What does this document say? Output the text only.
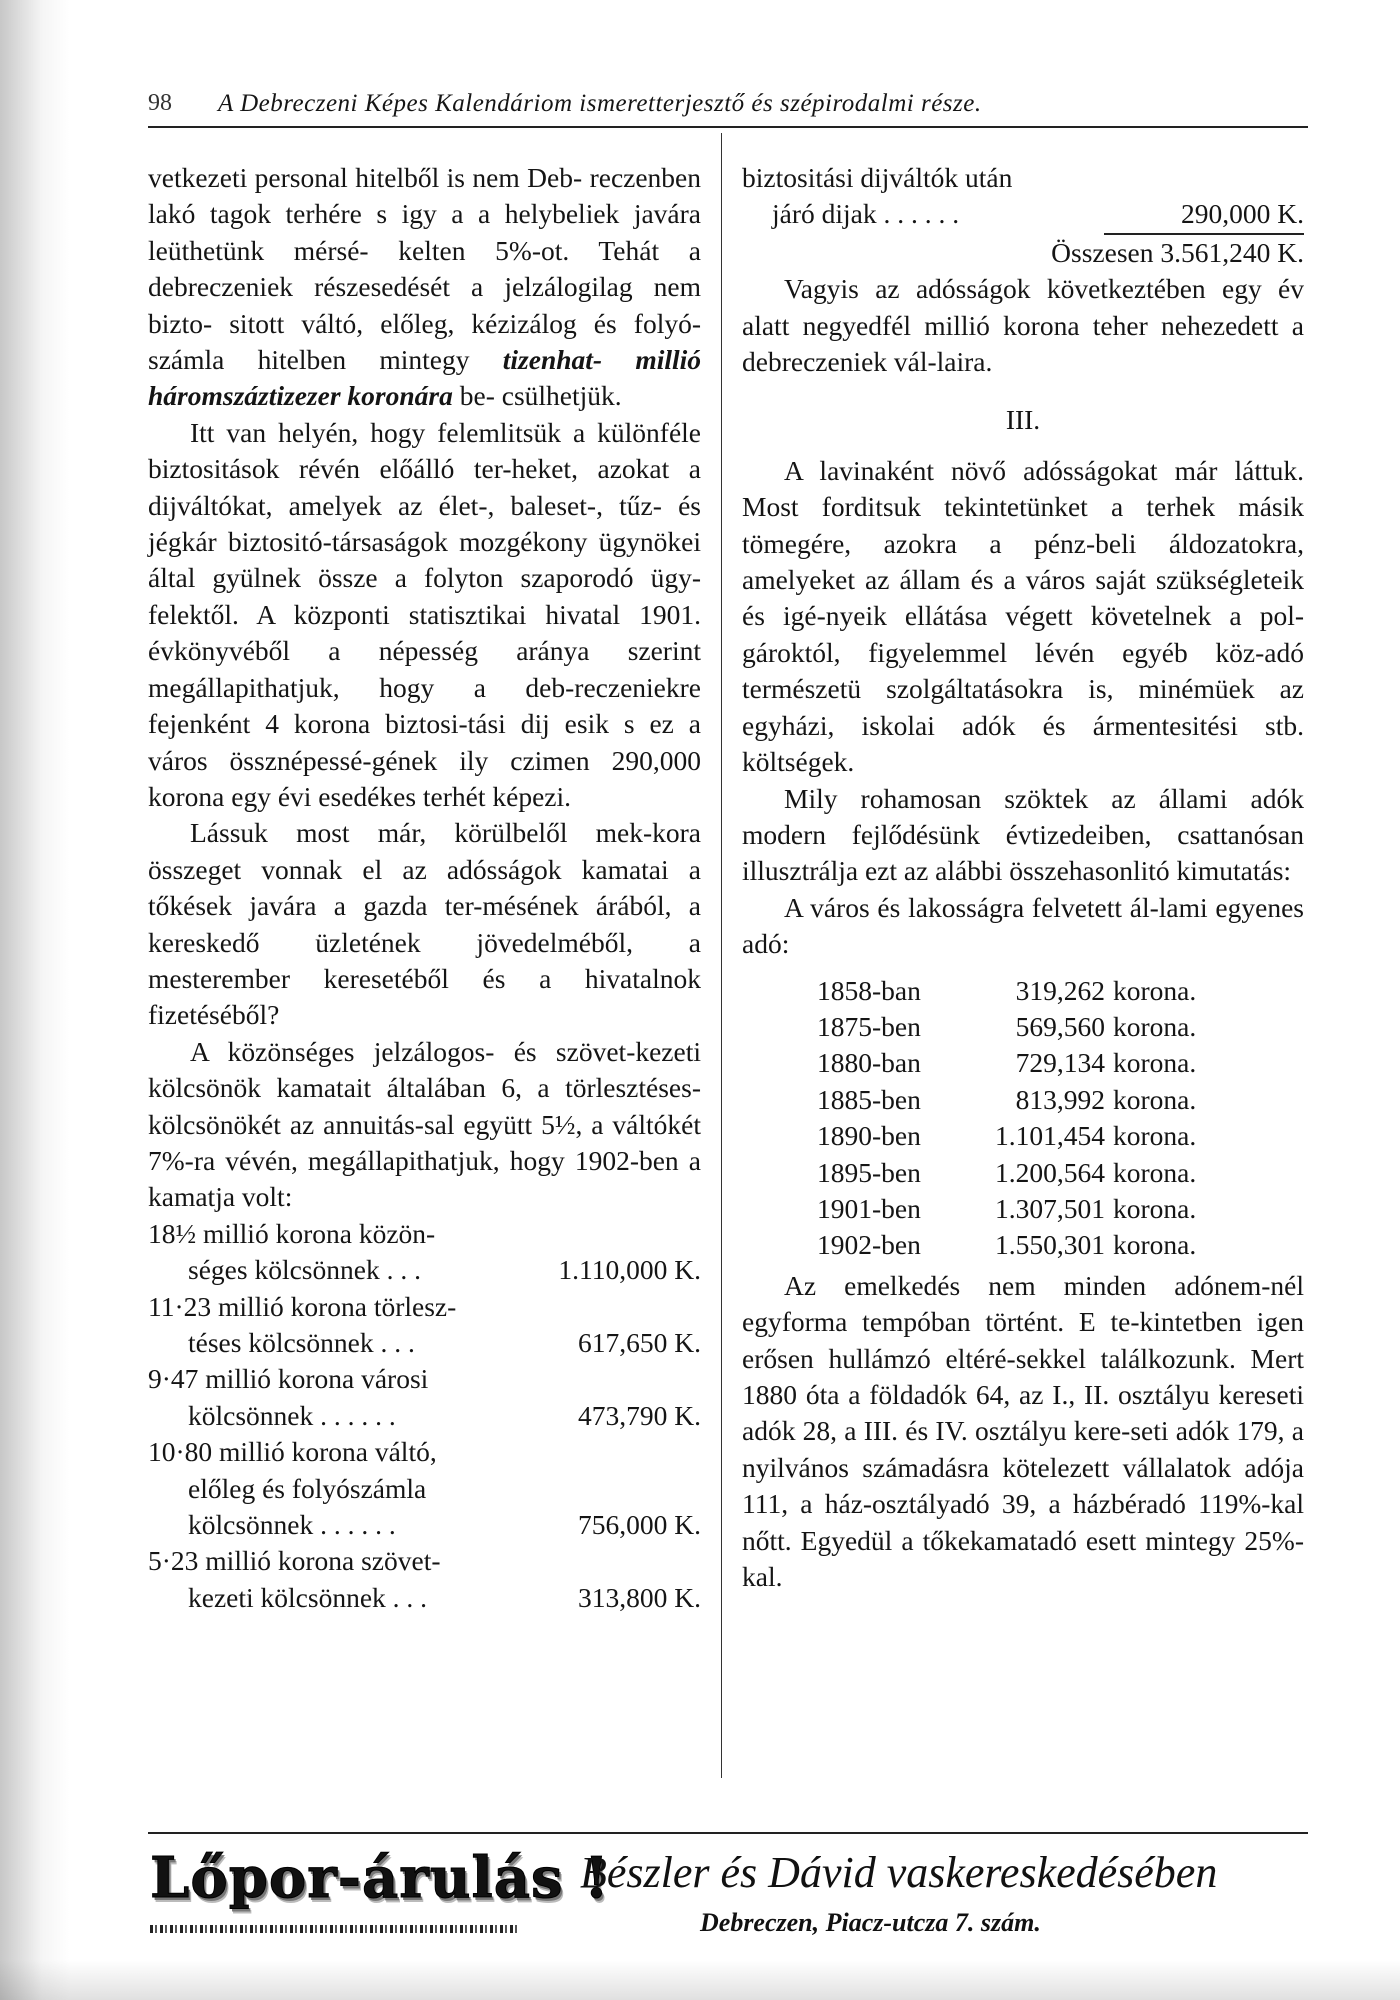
98 A Debreczeni Képes Kalendáriom ismeretterjesztő és szépirodalmi része.

vetkezeti personal hitelből is nem Deb- reczenben lakó tagok terhére s igy a a helybeliek javára leüthetünk mérsé- kelten 5%-ot. Tehát a debreczeniek részesedését a jelzálogilag nem bizto- sitott váltó, előleg, kézizálog és folyó- számla hitelben mintegy tizenhat- millió háromszáztizezer koronára be- csülhetjük.

Itt van helyén, hogy felemlitsük a különféle biztositások révén előálló ter-heket, azokat a dijváltókat, amelyek az élet-, baleset-, tűz- és jégkár biztositó-társaságok mozgékony ügynökei által gyülnek össze a folyton szaporodó ügy-felektől. A központi statisztikai hivatal 1901. évkönyvéből a népesség aránya szerint megállapithatjuk, hogy a deb-reczeniekre fejenként 4 korona biztosi-tási dij esik s ez a város össznépessé-gének ily czimen 290,000 korona egy évi esedékes terhét képezi.

Lássuk most már, körülbelől mek-kora összeget vonnak el az adósságok kamatai a tőkések javára a gazda ter-mésének árából, a kereskedő üzletének jövedelméből, a mesterember keresetéből és a hivatalnok fizetéséből?

A közönséges jelzálogos- és szövet-kezeti kölcsönök kamatait általában 6, a törlesztéses-kölcsönökét az annuitás-sal együtt 5½, a váltókét 7%-ra vévén, megállapithatjuk, hogy 1902-ben a kamatja volt:

18½ millió korona közön-
séges kölcsönnek . . .	1.110,000 K.
11·23 millió korona törlesz-
téses kölcsönnek . . .	617,650 K.
9·47 millió korona városi
kölcsönnek . . . . . .	473,790 K.
10·80 millió korona váltó,
előleg és folyószámla
kölcsönnek . . . . . .	756,000 K.
5·23 millió korona szövet-
kezeti kölcsönnek . . .	313,800 K.
biztositási dijváltók után
járó dijak . . . . . .	290,000 K.
Összesen 3.561,240 K.

Vagyis az adósságok következtében egy év alatt negyedfél millió korona teher nehezedett a debreczeniek vál-laira.

III.

A lavinaként növő adósságokat már láttuk. Most forditsuk tekintetünket a terhek másik tömegére, azokra a pénz-beli áldozatokra, amelyeket az állam és a város saját szükségleteik és igé-nyeik ellátása végett követelnek a pol-gároktól, figyelemmel lévén egyéb köz-adó természetü szolgáltatásokra is, minémüek az egyházi, iskolai adók és ármentesitési stb. költségek.

Mily rohamosan szöktek az állami adók modern fejlődésünk évtizedeiben, csattanósan illusztrálja ezt az alábbi összehasonlitó kimutatás:

A város és lakosságra felvetett ál-lami egyenes adó:

1858-ban	319,262 korona.
1875-ben	569,560 korona.
1880-ban	729,134 korona.
1885-ben	813,992 korona.
1890-ben	1.101,454 korona.
1895-ben	1.200,564 korona.
1901-ben	1.307,501 korona.
1902-ben	1.550,301 korona.

Az emelkedés nem minden adónem-nél egyforma tempóban történt. E te-kintetben igen erősen hullámzó eltéré-sekkel találkozunk. Mert 1880 óta a földadók 64, az I., II. osztályu kereseti adók 28, a III. és IV. osztályu kere-seti adók 179, a nyilvános számadásra kötelezett vállalatok adója 111, a ház-osztályadó 39, a házbéradó 119%-kal nőtt. Egyedül a tőkekamatadó esett mintegy 25%-kal.

Lőpor-árulás !
Bészler és Dávid vaskereskedésében
Debreczen, Piacz-utcza 7. szám.
